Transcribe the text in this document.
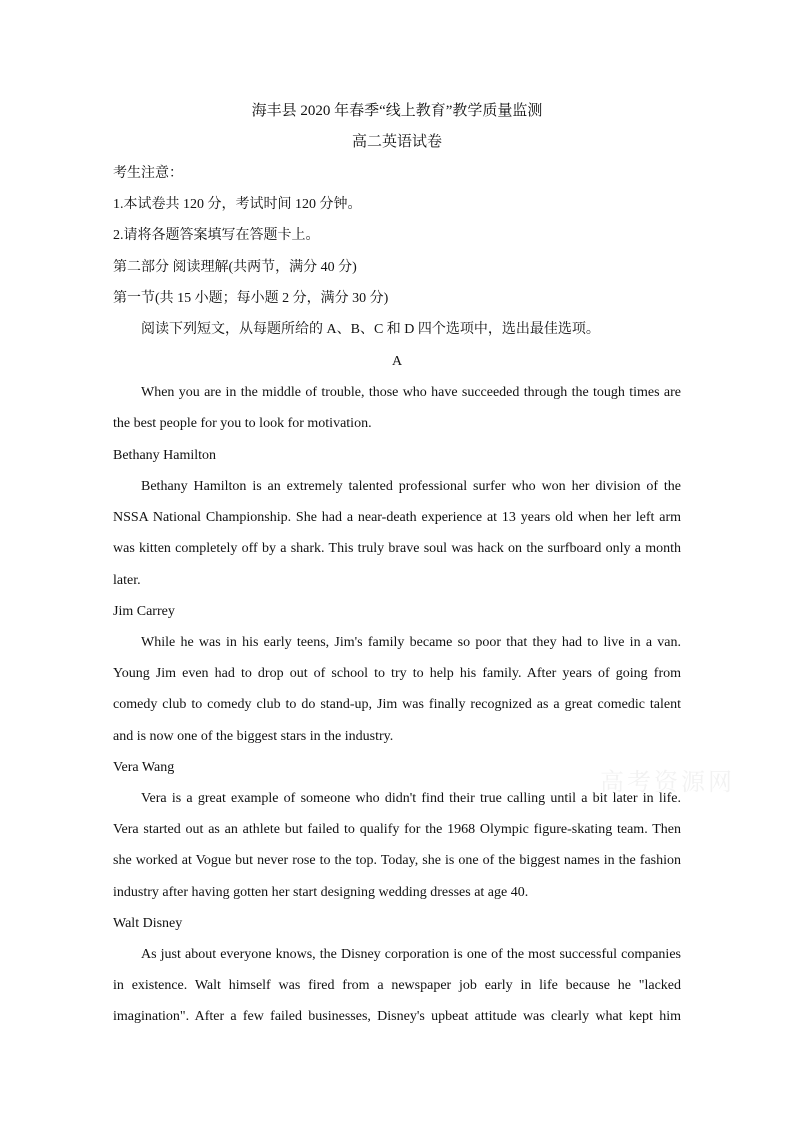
海丰县 2020 年春季“线上教育”教学质量监测
高二英语试卷
考生注意：
1.本试卷共 120 分，考试时间 120 分钟。
2.请将各题答案填写在答题卡上。
第二部分 阅读理解(共两节，满分 40 分)
第一节(共 15 小题；每小题 2 分，满分 30 分)
阅读下列短文，从每题所给的 A、B、C 和 D 四个选项中，选出最佳选项。
A
When you are in the middle of trouble, those who have succeeded through the tough times are
the best people for you to look for motivation.
Bethany Hamilton
Bethany Hamilton is an extremely talented professional surfer who won her division of the
NSSA National Championship. She had a near-death experience at 13 years old when her left arm
was kitten completely off by a shark. This truly brave soul was hack on the surfboard only a month
later.
Jim Carrey
While he was in his early teens, Jim's family became so poor that they had to live in a van.
Young Jim even had to drop out of school to try to help his family. After years of going from
comedy club to comedy club to do stand-up, Jim was finally recognized as a great comedic talent
and is now one of the biggest stars in the industry.
Vera Wang
Vera is a great example of someone who didn't find their true calling until a bit later in life.
Vera started out as an athlete but failed to qualify for the 1968 Olympic figure-skating team. Then
she worked at Vogue but never rose to the top. Today, she is one of the biggest names in the fashion
industry after having gotten her start designing wedding dresses at age 40.
Walt Disney
As just about everyone knows, the Disney corporation is one of the most successful companies
in existence. Walt himself was fired from a newspaper job early in life because he "lacked
imagination". After a few failed businesses, Disney's upbeat attitude was clearly what kept him
高考资源网
